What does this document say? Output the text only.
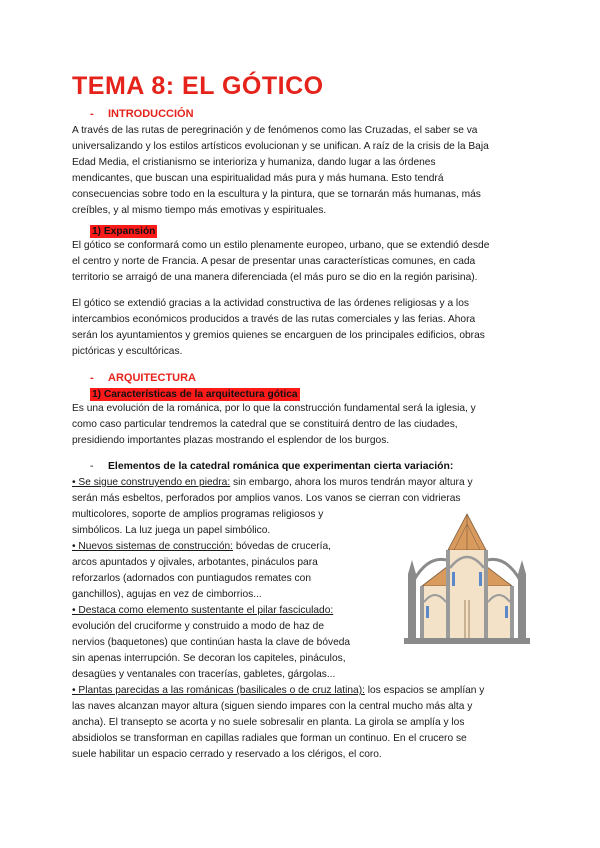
TEMA 8: EL GÓTICO
- INTRODUCCIÓN
A través de las rutas de peregrinación y de fenómenos como las Cruzadas, el saber se va
universalizando y los estilos artísticos evolucionan y se unifican. A raíz de la crisis de la Baja
Edad Media, el cristianismo se interioriza y humaniza, dando lugar a las órdenes
mendicantes, que buscan una espiritualidad más pura y más humana. Esto tendrá
consecuencias sobre todo en la escultura y la pintura, que se tornarán más humanas, más
creíbles, y al mismo tiempo más emotivas y espirituales.
1) Expansión
El gótico se conformará como un estilo plenamente europeo, urbano, que se extendió desde
el centro y norte de Francia. A pesar de presentar unas características comunes, en cada
territorio se arraigó de una manera diferenciada (el más puro se dio en la región parisina).
El gótico se extendió gracias a la actividad constructiva de las órdenes religiosas y a los
intercambios económicos producidos a través de las rutas comerciales y las ferias. Ahora
serán los ayuntamientos y gremios quienes se encarguen de los principales edificios, obras
pictóricas y escultóricas.
- ARQUITECTURA
1) Características de la arquitectura gótica
Es una evolución de la románica, por lo que la construcción fundamental será la iglesia, y
como caso particular tendremos la catedral que se constituirá dentro de las ciudades,
presidiendo importantes plazas mostrando el esplendor de los burgos.
- Elementos de la catedral románica que experimentan cierta variación:
• Se sigue construyendo en piedra: sin embargo, ahora los muros tendrán mayor altura y
serán más esbeltos, perforados por amplios vanos. Los vanos se cierran con vidrieras
multicolores, soporte de amplios programas religiosos y
simbólicos. La luz juega un papel simbólico.
• Nuevos sistemas de construcción: bóvedas de crucería,
arcos apuntados y ojivales, arbotantes, pináculos para
reforzarlos (adornados con puntiagudos remates con
ganchillos), agujas en vez de cimborrios...
• Destaca como elemento sustentante el pilar fasciculado:
evolución del cruciforme y construido a modo de haz de
nervios (baquetones) que continúan hasta la clave de bóveda
sin apenas interrupción. Se decoran los capiteles, pináculos,
desagües y ventanales con tracerías, gabletes, gárgolas...
• Plantas parecidas a las románicas (basilicales o de cruz latina): los espacios se amplían y
las naves alcanzan mayor altura (siguen siendo impares con la central mucho más alta y
ancha). El transepto se acorta y no suele sobresalir en planta. La girola se amplía y los
absidiolos se transforman en capillas radiales que forman un continuo. En el crucero se
suele habilitar un espacio cerrado y reservado a los clérigos, el coro.
